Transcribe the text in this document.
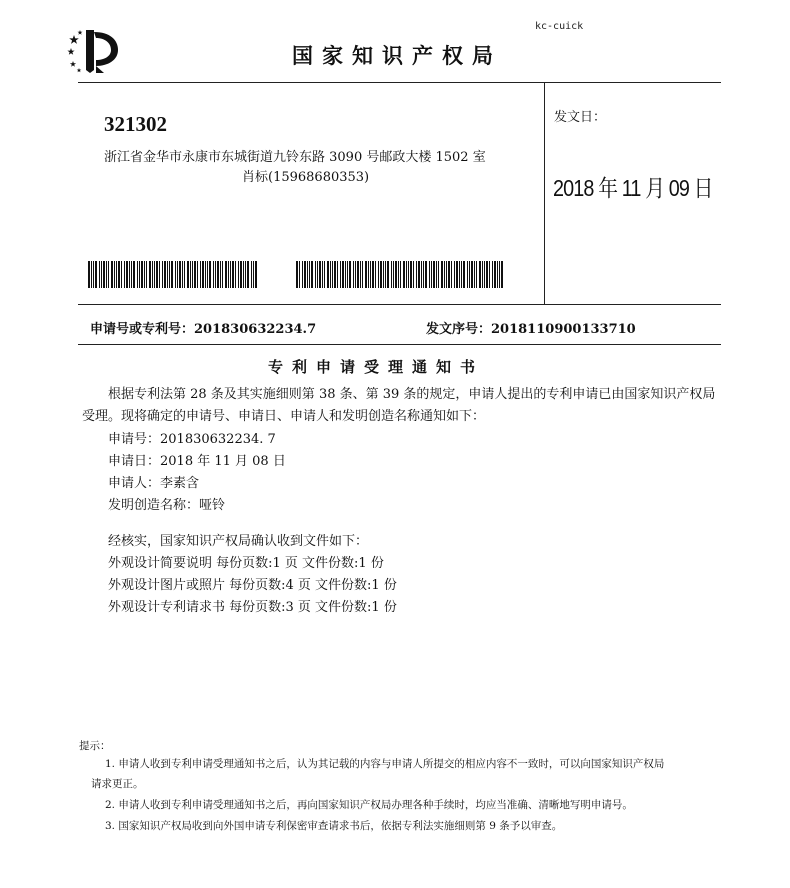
kc-cuick
国家知识产权局
321302
浙江省金华市永康市东城街道九铃东路 3090 号邮政大楼 1502 室
肖标(15968680353)
发文日：
2018 年 11 月 09 日
申请号或专利号：201830632234.7	发文序号：2018110900133710
专利申请受理通知书
根据专利法第 28 条及其实施细则第 38 条、第 39 条的规定，申请人提出的专利申请已由国家知识产权局
受理。现将确定的申请号、申请日、申请人和发明创造名称通知如下：
申请号：201830632234. 7
申请日：2018 年 11 月 08 日
申请人：李素含
发明创造名称：哑铃
经核实，国家知识产权局确认收到文件如下：
外观设计简要说明 每份页数:1 页 文件份数:1 份
外观设计图片或照片 每份页数:4 页 文件份数:1 份
外观设计专利请求书 每份页数:3 页 文件份数:1 份
提示：
1. 申请人收到专利申请受理通知书之后，认为其记载的内容与申请人所提交的相应内容不一致时，可以向国家知识产权局
请求更正。
2. 申请人收到专利申请受理通知书之后，再向国家知识产权局办理各种手续时，均应当准确、清晰地写明申请号。
3. 国家知识产权局收到向外国申请专利保密审查请求书后，依据专利法实施细则第 9 条予以审查。
